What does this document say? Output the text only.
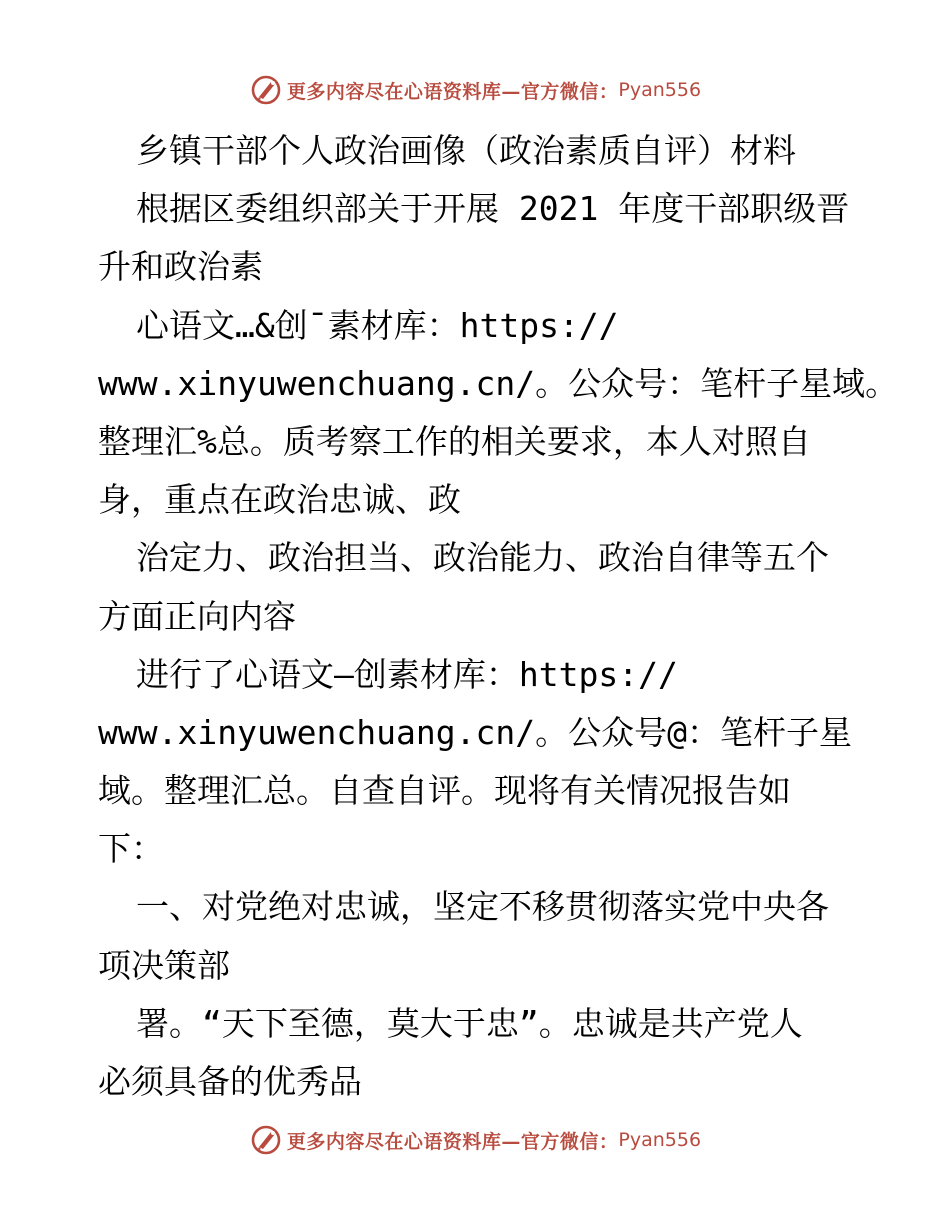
更多内容尽在心语资料库—官方微信： Pyan556
乡镇干部个人政治画像（政治素质自评）材料
根据区委组织部关于开展 2021 年度干部职级晋
升和政治素
心语文…&创¯素材库：https://
www.xinyuwenchuang.cn/。公众号：笔杆子星域。
整理汇%总。质考察工作的相关要求，本人对照自
身，重点在政治忠诚、政
治定力、政治担当、政治能力、政治自律等五个
方面正向内容
进行了心语文—创素材库：https://
www.xinyuwenchuang.cn/。公众号@：笔杆子星
域。整理汇总。自查自评。现将有关情况报告如
下：
一、对党绝对忠诚，坚定不移贯彻落实党中央各
项决策部
署。“天下至德，莫大于忠”。忠诚是共产党人
必须具备的优秀品
更多内容尽在心语资料库—官方微信： Pyan556
